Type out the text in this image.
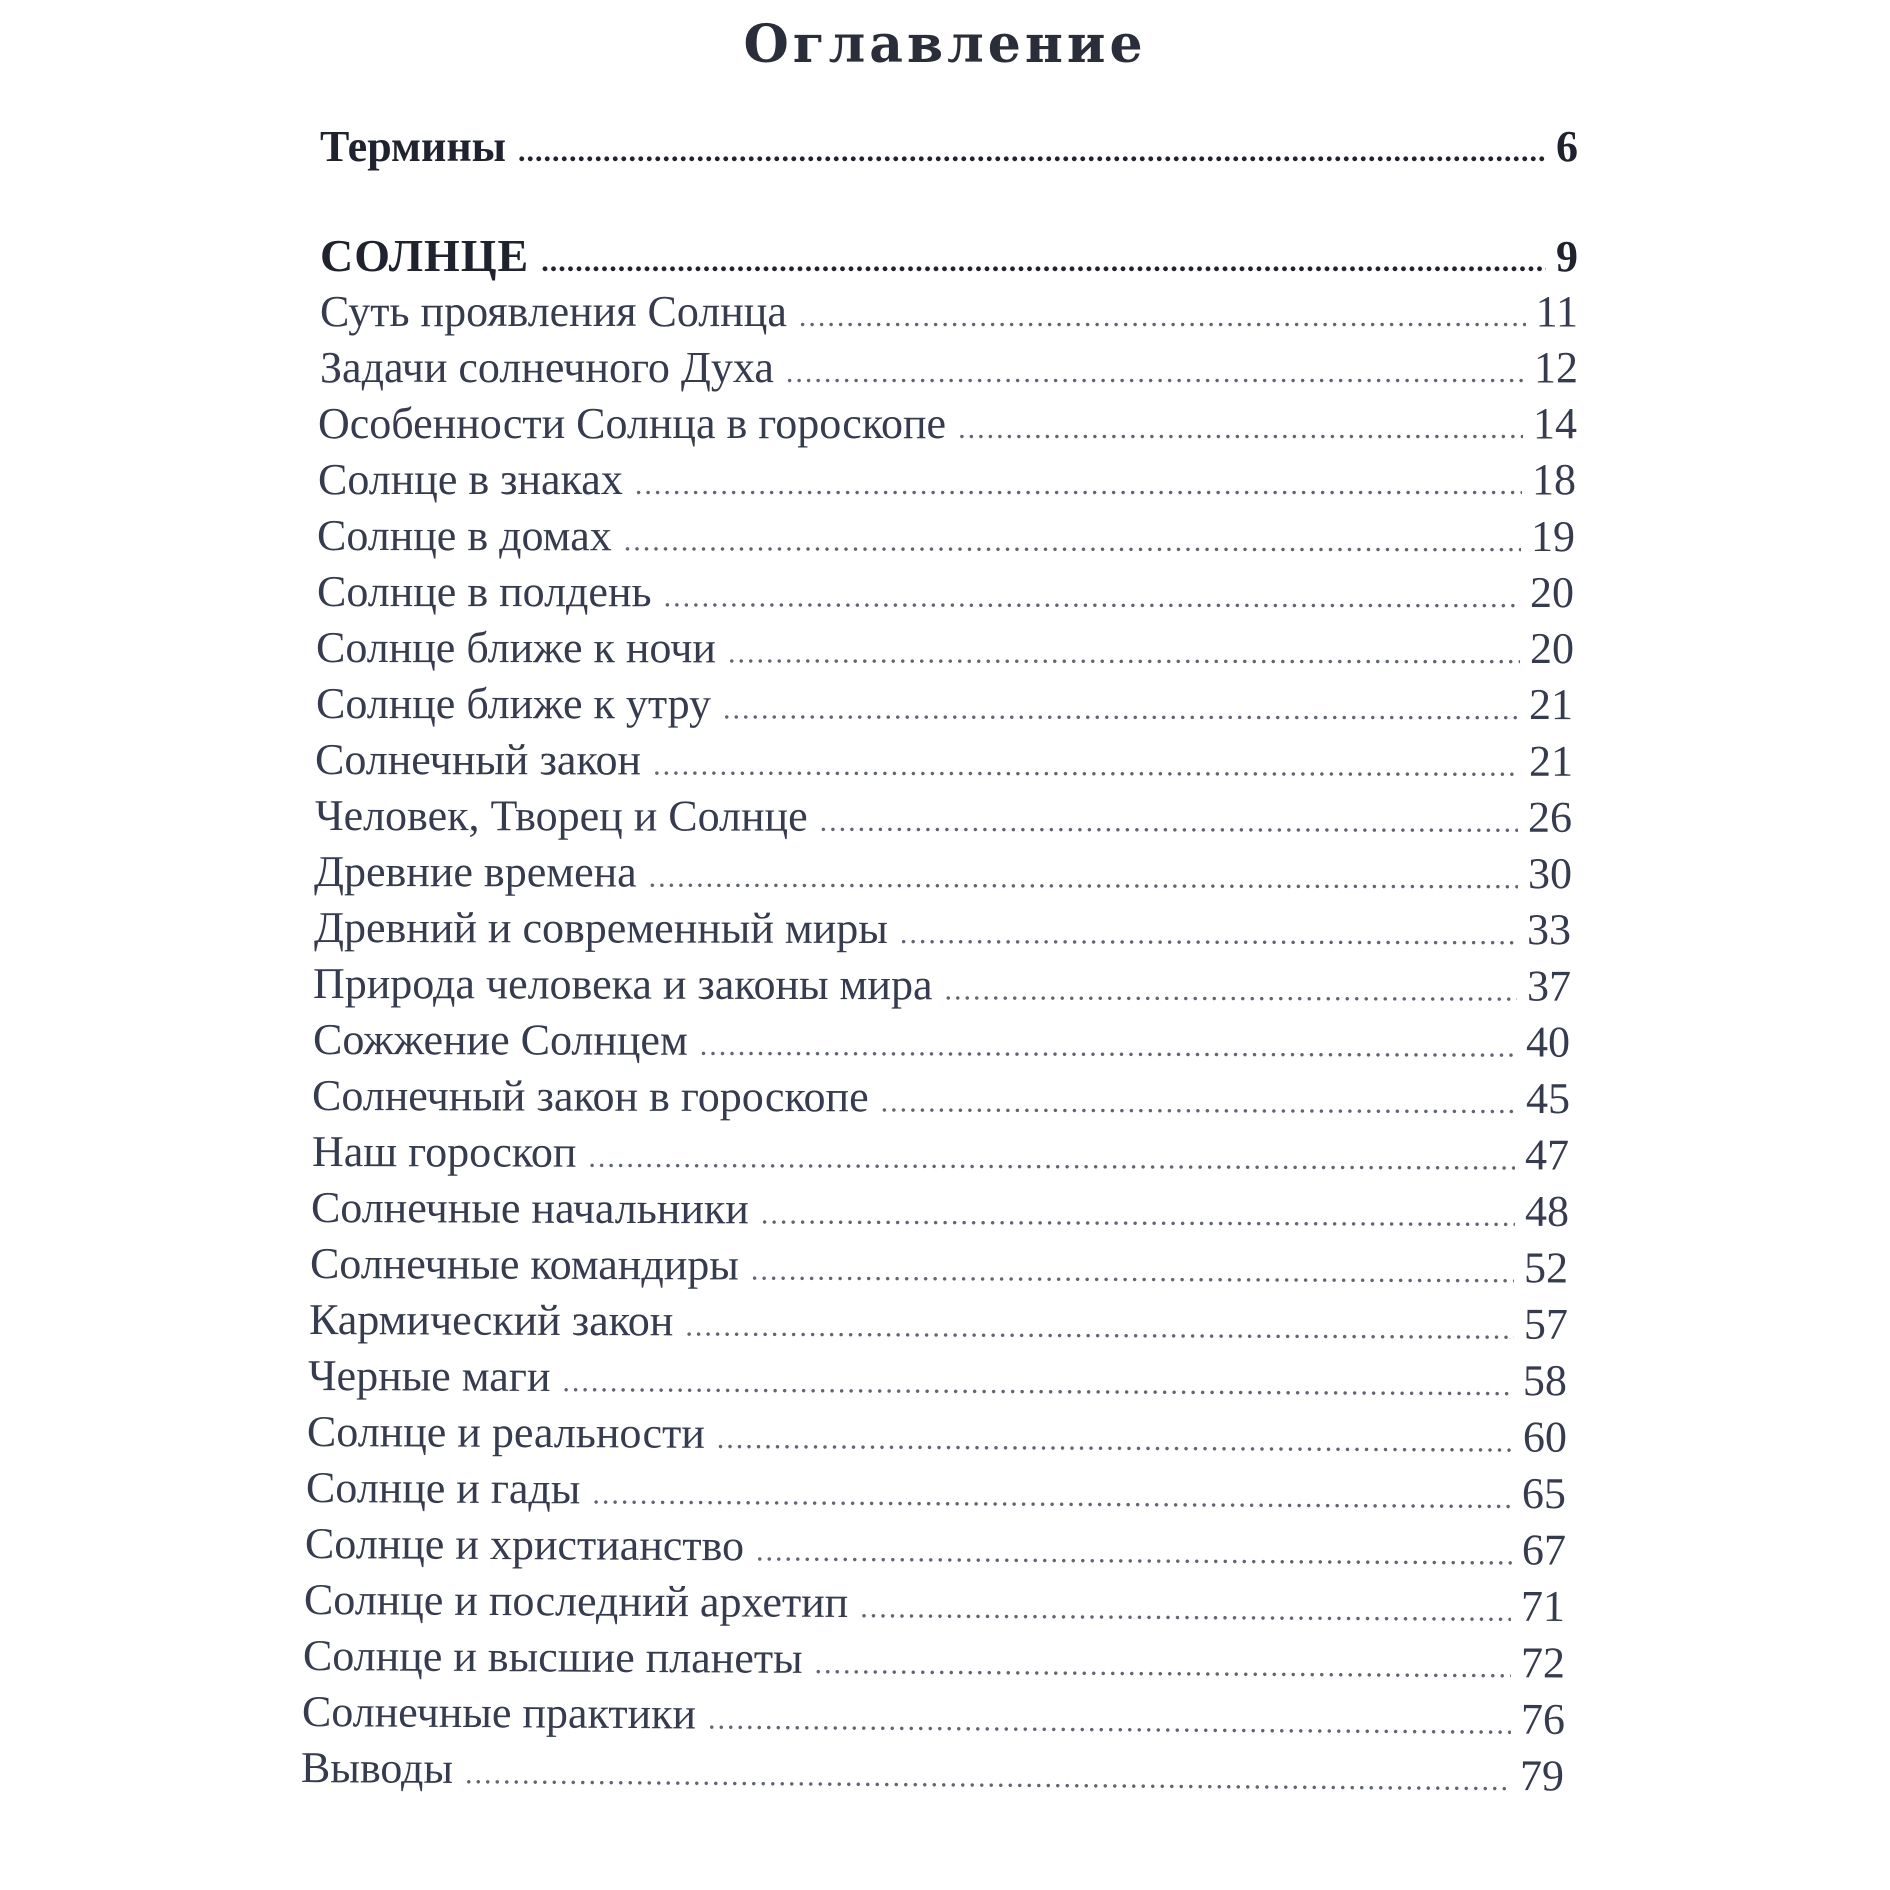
Оглавление
Термины .....	6
СОЛНЦЕ .....	9
Суть проявления Солнца .....	11
Задачи солнечного Духа .....	12
Особенности Солнца в гороскопе .....	14
Солнце в знаках .....	18
Солнце в домах .....	19
Солнце в полдень .....	20
Солнце ближе к ночи .....	20
Солнце ближе к утру .....	21
Солнечный закон .....	21
Человек, Творец и Солнце .....	26
Древние времена .....	30
Древний и современный миры .....	33
Природа человека и законы мира .....	37
Сожжение Солнцем .....	40
Солнечный закон в гороскопе .....	45
Наш гороскоп .....	47
Солнечные начальники .....	48
Солнечные командиры .....	52
Кармический закон .....	57
Черные маги .....	58
Солнце и реальности .....	60
Солнце и гады .....	65
Солнце и христианство .....	67
Солнце и последний архетип .....	71
Солнце и высшие планеты .....	72
Солнечные практики .....	76
Выводы .....	79
